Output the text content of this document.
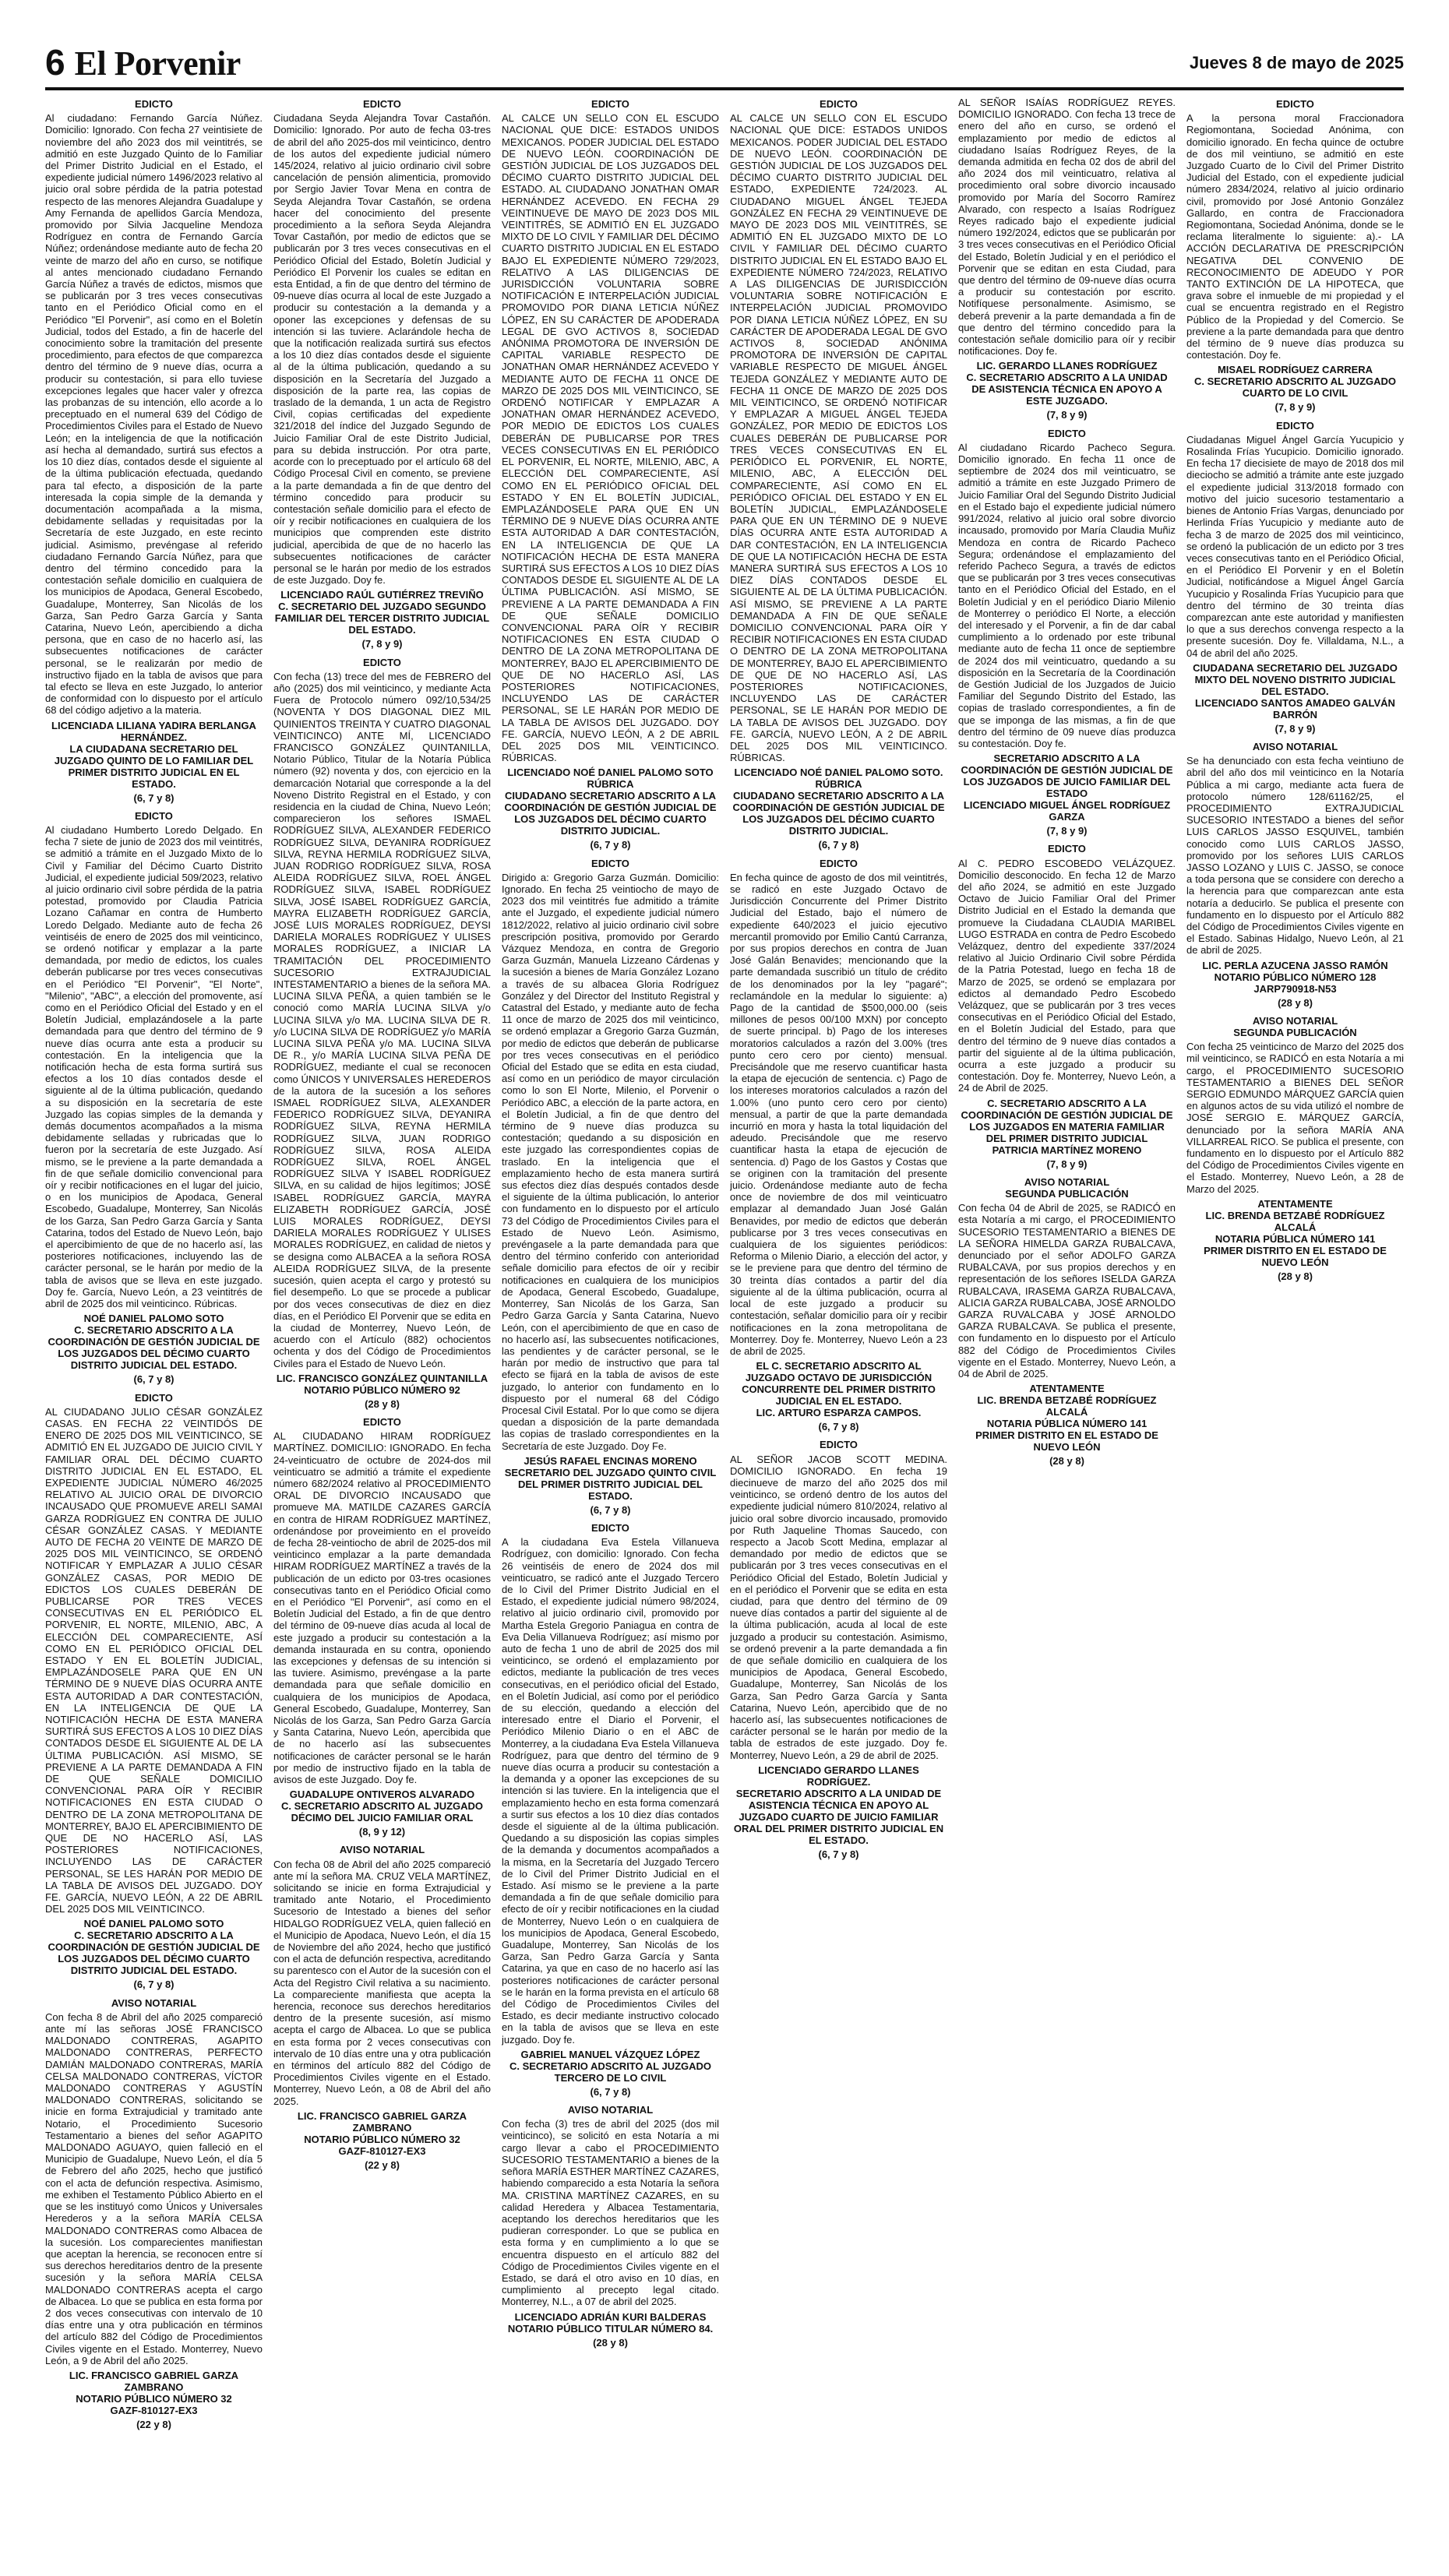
6 El Porvenir	Jueves 8 de mayo de 2025
EDICTO

Al ciudadano: Fernando García Núñez. Domicilio: Ignorado. Con fecha 27 veintisiete de noviembre del año 2023 dos mil veintitrés, se admitió en este Juzgado Quinto de lo Familiar del Primer Distrito Judicial en el Estado, el expediente judicial número 1496/2023 relativo al juicio oral sobre pérdida de la patria potestad respecto de las menores Alejandra Guadalupe y Amy Fernanda de apellidos García Mendoza, promovido por Silvia Jacqueline Mendoza Rodríguez en contra de Fernando García Núñez; ordenándose mediante auto de fecha 20 veinte de marzo del año en curso, se notifique al antes mencionado ciudadano Fernando García Núñez a través de edictos, mismos que se publicarán por 3 tres veces consecutivas tanto en el Periódico Oficial como en el Periódico "El Porvenir", así como en el Boletín Judicial, todos del Estado, a fin de hacerle del conocimiento sobre la tramitación del presente procedimiento, para efectos de que comparezca dentro del término de 9 nueve días, ocurra a producir su contestación, si para ello tuviese excepciones legales que hacer valer y ofrezca las probanzas de su intención, ello acorde a lo preceptuado en el numeral 639 del Código de Procedimientos Civiles para el Estado de Nuevo León; en la inteligencia de que la notificación así hecha al demandado, surtirá sus efectos a los 10 diez días, contados desde el siguiente al de la última publicación efectuada, quedando para tal efecto, a disposición de la parte interesada la copia simple de la demanda y documentación acompañada a la misma, debidamente selladas y requisitadas por la Secretaría de este Juzgado, en este recinto judicial. Asimismo, prevéngase al referido ciudadano Fernando García Núñez, para que dentro del término concedido para la contestación señale domicilio en cualquiera de los municipios de Apodaca, General Escobedo, Guadalupe, Monterrey, San Nicolás de los Garza, San Pedro Garza García y Santa Catarina, Nuevo León, apercibiendo a dicha persona, que en caso de no hacerlo así, las subsecuentes notificaciones de carácter personal, se le realizarán por medio de instructivo fijado en la tabla de avisos que para tal efecto se lleva en este Juzgado, lo anterior de conformidad con lo dispuesto por el artículo 68 del código adjetivo a la materia.

LICENCIADA LILIANA YADIRA BERLANGA HERNÁNDEZ.
LA CIUDADANA SECRETARIO DEL JUZGADO QUINTO DE LO FAMILIAR DEL PRIMER DISTRITO JUDICIAL EN EL ESTADO.
(6, 7 y 8)
EDICTO

Al ciudadano Humberto Loredo Delgado. En fecha 7 siete de junio de 2023 dos mil veintitrés, se admitió a trámite en el Juzgado Mixto de lo Civil y Familiar del Décimo Cuarto Distrito Judicial, el expediente judicial 509/2023, relativo al juicio ordinario civil sobre pérdida de la patria potestad, promovido por Claudia Patricia Lozano Cañamar en contra de Humberto Loredo Delgado. Mediante auto de fecha 26 veintiséis de enero de 2025 dos mil veinticinco, se ordenó notificar y emplazar a la parte demandada, por medio de edictos, los cuales deberán publicarse por tres veces consecutivas en el Periódico "El Porvenir", "El Norte", "Milenio", "ABC", a elección del promovente, así como en el Periódico Oficial del Estado y en el Boletín Judicial, emplazándosele a la parte demandada para que dentro del término de 9 nueve días ocurra ante esta a producir su contestación. En la inteligencia que la notificación hecha de esta forma surtirá sus efectos a los 10 días contados desde el siguiente al de la última publicación, quedando a su disposición en la secretaría de este Juzgado las copias simples de la demanda y demás documentos acompañados a la misma debidamente selladas y rubricadas que lo fueron por la secretaría de este Juzgado. Así mismo, se le previene a la parte demandada a fin de que señale domicilio convencional para oír y recibir notificaciones en el lugar del juicio, o en los municipios de Apodaca, General Escobedo, Guadalupe, Monterrey, San Nicolás de los Garza, San Pedro Garza García y Santa Catarina, todos del Estado de Nuevo León, bajo el apercibimiento de que de no hacerlo así, las posteriores notificaciones, incluyendo las de carácter personal, se le harán por medio de la tabla de avisos que se lleva en este juzgado. Doy fe. García, Nuevo León, a 23 veintitrés de abril de 2025 dos mil veinticinco. Rúbricas.

NOÉ DANIEL PALOMO SOTO
C. SECRETARIO ADSCRITO A LA COORDINACIÓN DE GESTIÓN JUDICIAL DE LOS JUZGADOS DEL DÉCIMO CUARTO DISTRITO JUDICIAL DEL ESTADO.
(6, 7 y 8)
EDICTO

AL CIUDADANO JULIO CÉSAR GONZÁLEZ CASAS. EN FECHA 22 VEINTIDÓS DE ENERO DE 2025 DOS MIL VEINTICINCO, SE ADMITIÓ EN EL JUZGADO DE JUICIO CIVIL Y FAMILIAR ORAL DEL DÉCIMO CUARTO DISTRITO JUDICIAL EN EL ESTADO, EL EXPEDIENTE JUDICIAL NÚMERO 46/2025 RELATIVO AL JUICIO ORAL DE DIVORCIO INCAUSADO QUE PROMUEVE ARELI SAMAI GARZA RODRÍGUEZ EN CONTRA DE JULIO CÉSAR GONZÁLEZ CASAS. Y MEDIANTE AUTO DE FECHA 20 VEINTE DE MARZO DE 2025 DOS MIL VEINTICINCO, SE ORDENÓ NOTIFICAR Y EMPLAZAR A JULIO CÉSAR GONZÁLEZ CASAS, POR MEDIO DE EDICTOS LOS CUALES DEBERÁN DE PUBLICARSE POR TRES VECES CONSECUTIVAS EN EL PERIÓDICO EL PORVENIR, EL NORTE, MILENIO, ABC, A ELECCIÓN DEL COMPARECIENTE, ASÍ COMO EN EL PERIÓDICO OFICIAL DEL ESTADO Y EN EL BOLETÍN JUDICIAL, EMPLAZÁNDOSELE PARA QUE EN UN TÉRMINO DE 9 NUEVE DÍAS OCURRA ANTE ESTA AUTORIDAD A DAR CONTESTACIÓN, EN LA INTELIGENCIA DE QUE LA NOTIFICACIÓN HECHA DE ESTA MANERA SURTIRÁ SUS EFECTOS A LOS 10 DIEZ DÍAS CONTADOS DESDE EL SIGUIENTE AL DE LA ÚLTIMA PUBLICACIÓN. ASÍ MISMO, SE PREVIENE A LA PARTE DEMANDADA A FIN DE QUE SEÑALE DOMICILIO CONVENCIONAL PARA OÍR Y RECIBIR NOTIFICACIONES EN ESTA CIUDAD O DENTRO DE LA ZONA METROPOLITANA DE MONTERREY, BAJO EL APERCIBIMIENTO DE QUE DE NO HACERLO ASÍ, LAS POSTERIORES NOTIFICACIONES, INCLUYENDO LAS DE CARÁCTER PERSONAL, SE LES HARÁN POR MEDIO DE LA TABLA DE AVISOS DEL JUZGADO. DOY FE. GARCÍA, NUEVO LEÓN, A 22 DE ABRIL DEL 2025 DOS MIL VEINTICINCO.

NOÉ DANIEL PALOMO SOTO
C. SECRETARIO ADSCRITO A LA COORDINACIÓN DE GESTIÓN JUDICIAL DE LOS JUZGADOS DEL DÉCIMO CUARTO DISTRITO JUDICIAL DEL ESTADO.
(6, 7 y 8)
AVISO NOTARIAL

Con fecha 8 de Abril del año 2025 compareció ante mí las señoras JOSÉ FRANCISCO MALDONADO CONTRERAS, AGAPITO MALDONADO CONTRERAS, PERFECTO DAMIÁN MALDONADO CONTRERAS, MARÍA CELSA MALDONADO CONTRERAS, VÍCTOR MALDONADO CONTRERAS Y AGUSTÍN MALDONADO CONTRERAS, solicitando se inicie en forma Extrajudicial y tramitado ante Notario, el Procedimiento Sucesorio Testamentario a bienes del señor AGAPITO MALDONADO AGUAYO, quien falleció en el Municipio de Guadalupe, Nuevo León, el día 5 de Febrero del año 2025, hecho que justificó con el acta de defunción respectiva. Asimismo, me exhiben el Testamento Público Abierto en el que se les instituyó como Únicos y Universales Herederos y a la señora MARÍA CELSA MALDONADO CONTRERAS como Albacea de la sucesión. Los comparecientes manifiestan que aceptan la herencia, se reconocen entre sí sus derechos hereditarios dentro de la presente sucesión y la señora MARÍA CELSA MALDONADO CONTRERAS acepta el cargo de Albacea. Lo que se publica en esta forma por 2 dos veces consecutivas con intervalo de 10 días entre una y otra publicación en términos del artículo 882 del Código de Procedimientos Civiles vigente en el Estado. Monterrey, Nuevo León, a 9 de Abril del año 2025.

LIC. FRANCISCO GABRIEL GARZA ZAMBRANO
NOTARIO PÚBLICO NÚMERO 32
GAZF-810127-EX3
(22 y 8)
EDICTO

Ciudadana Seyda Alejandra Tovar Castañón. Domicilio: Ignorado. Por auto de fecha 03-tres de abril del año 2025-dos mil veinticinco, dentro de los autos del expediente judicial número 145/2024, relativo al juicio ordinario civil sobre cancelación de pensión alimenticia, promovido por Sergio Javier Tovar Mena en contra de Seyda Alejandra Tovar Castañón, se ordena hacer del conocimiento del presente procedimiento a la señora Seyda Alejandra Tovar Castañón, por medio de edictos que se publicarán por 3 tres veces consecutivas en el Periódico Oficial del Estado, Boletín Judicial y Periódico El Porvenir los cuales se editan en esta Entidad, a fin de que dentro del término de 09-nueve días ocurra al local de este Juzgado a producir su contestación a la demanda y a oponer las excepciones y defensas de su intención si las tuviere. Aclarándole hecha de que la notificación realizada surtirá sus efectos a los 10 diez días contados desde el siguiente al de la última publicación, quedando a su disposición en la Secretaría del Juzgado a disposición de la parte rea, las copias de traslado de la demanda, 1 un acta de Registro Civil, copias certificadas del expediente 321/2018 del índice del Juzgado Segundo de Juicio Familiar Oral de este Distrito Judicial, para su debida instrucción. Por otra parte, acorde con lo preceptuado por el artículo 68 del Código Procesal Civil en comento, se previene a la parte demandada a fin de que dentro del término concedido para producir su contestación señale domicilio para el efecto de oír y recibir notificaciones en cualquiera de los municipios que comprenden este distrito judicial, apercibida de que de no hacerlo las subsecuentes notificaciones de carácter personal se le harán por medio de los estrados de este Juzgado. Doy fe.

LICENCIADO RAÚL GUTIÉRREZ TREVIÑO
C. SECRETARIO DEL JUZGADO SEGUNDO FAMILIAR DEL TERCER DISTRITO JUDICIAL DEL ESTADO.
(7, 8 y 9)
EDICTO

Con fecha (13) trece del mes de FEBRERO del año (2025) dos mil veinticinco, y mediante Acta Fuera de Protocolo número 092/10,534/25 (NOVENTA Y DOS DIAGONAL DIEZ MIL QUINIENTOS TREINTA Y CUATRO DIAGONAL VEINTICINCO) ANTE MÍ, LICENCIADO FRANCISCO GONZÁLEZ QUINTANILLA, Notario Público, Titular de la Notaría Pública número (92) noventa y dos, con ejercicio en la demarcación Notarial que corresponde a la del Noveno Distrito Registral en el Estado, y con residencia en la ciudad de China, Nuevo León; comparecieron los señores ISMAEL RODRÍGUEZ SILVA, ALEXANDER FEDERICO RODRÍGUEZ SILVA, DEYANIRA RODRÍGUEZ SILVA, REYNA HERMILA RODRÍGUEZ SILVA, JUAN RODRIGO RODRÍGUEZ SILVA, ROSA ALEIDA RODRÍGUEZ SILVA, ROEL ÁNGEL RODRÍGUEZ SILVA, ISABEL RODRÍGUEZ SILVA, JOSÉ ISABEL RODRÍGUEZ GARCÍA, MAYRA ELIZABETH RODRÍGUEZ GARCÍA, JOSÉ LUIS MORALES RODRÍGUEZ, DEYSI DARIELA MORALES RODRÍGUEZ Y ULISES MORALES RODRÍGUEZ, a INICIAR LA TRAMITACIÓN DEL PROCEDIMIENTO SUCESORIO EXTRAJUDICIAL INTESTAMENTARIO a bienes de la señora MA. LUCINA SILVA PEÑA, a quien también se le conoció como MARÍA LUCINA SILVA y/o LUCINA SILVA y/o MA. LUCINA SILVA DE R. y/o LUCINA SILVA DE RODRÍGUEZ y/o MARÍA LUCINA SILVA PEÑA y/o MA. LUCINA SILVA DE R., y/o MARÍA LUCINA SILVA PEÑA DE RODRÍGUEZ, mediante el cual se reconocen como ÚNICOS Y UNIVERSALES HEREDEROS de la autora de la sucesión a los señores ISMAEL RODRÍGUEZ SILVA, ALEXANDER FEDERICO RODRÍGUEZ SILVA, DEYANIRA RODRÍGUEZ SILVA, REYNA HERMILA RODRÍGUEZ SILVA, JUAN RODRIGO RODRÍGUEZ SILVA, ROSA ALEIDA RODRÍGUEZ SILVA, ROEL ÁNGEL RODRÍGUEZ SILVA Y ISABEL RODRÍGUEZ SILVA, en su calidad de hijos legítimos; JOSÉ ISABEL RODRÍGUEZ GARCÍA, MAYRA ELIZABETH RODRÍGUEZ GARCÍA, JOSÉ LUIS MORALES RODRÍGUEZ, DEYSI DARIELA MORALES RODRÍGUEZ Y ULISES MORALES RODRÍGUEZ, en calidad de nietos y se designa como ALBACEA a la señora ROSA ALEIDA RODRÍGUEZ SILVA, de la presente sucesión, quien acepta el cargo y protestó su fiel desempeño. Lo que se procede a publicar por dos veces consecutivas de diez en diez días, en el Periódico El Porvenir que se edita en la ciudad de Monterrey, Nuevo León, de acuerdo con el Artículo (882) ochocientos ochenta y dos del Código de Procedimientos Civiles para el Estado de Nuevo León.

LIC. FRANCISCO GONZÁLEZ QUINTANILLA
NOTARIO PÚBLICO NÚMERO 92
(28 y 8)
EDICTO

AL CIUDADANO HIRAM RODRÍGUEZ MARTÍNEZ. DOMICILIO: IGNORADO. En fecha 24-veinticuatro de octubre de 2024-dos mil veinticuatro se admitió a trámite el expediente número 682/2024 relativo al PROCEDIMIENTO ORAL DE DIVORCIO INCAUSADO que promueve MA. MATILDE CAZARES GARCÍA en contra de HIRAM RODRÍGUEZ MARTÍNEZ, ordenándose por proveimiento en el proveído de fecha 28-veintiocho de abril de 2025-dos mil veinticinco emplazar a la parte demandada HIRAM RODRÍGUEZ MARTÍNEZ a través de la publicación de un edicto por 03-tres ocasiones consecutivas tanto en el Periódico Oficial como en el Periódico "El Porvenir", así como en el Boletín Judicial del Estado, a fin de que dentro del término de 09-nueve días acuda al local de este juzgado a producir su contestación a la demanda instaurada en su contra, oponiendo las excepciones y defensas de su intención si las tuviere. Asimismo, prevéngase a la parte demandada para que señale domicilio en cualquiera de los municipios de Apodaca, General Escobedo, Guadalupe, Monterrey, San Nicolás de los Garza, San Pedro Garza García y Santa Catarina, Nuevo León, apercibida que de no hacerlo así las subsecuentes notificaciones de carácter personal se le harán por medio de instructivo fijado en la tabla de avisos de este Juzgado. Doy fe.

GUADALUPE ONTIVEROS ALVARADO
C. SECRETARIO ADSCRITO AL JUZGADO DÉCIMO DEL JUICIO FAMILIAR ORAL
(8, 9 y 12)
AVISO NOTARIAL

Con fecha 08 de Abril del año 2025 compareció ante mí la señora MA. CRUZ VELA MARTÍNEZ, solicitando se inicie en forma Extrajudicial y tramitado ante Notario, el Procedimiento Sucesorio de Intestado a bienes del señor HIDALGO RODRÍGUEZ VELA, quien falleció en el Municipio de Apodaca, Nuevo León, el día 15 de Noviembre del año 2024, hecho que justificó con el acta de defunción respectiva, acreditando su parentesco con el Autor de la sucesión con el Acta del Registro Civil relativa a su nacimiento. La compareciente manifiesta que acepta la herencia, reconoce sus derechos hereditarios dentro de la presente sucesión, así mismo acepta el cargo de Albacea. Lo que se publica en esta forma por 2 veces consecutivas con intervalo de 10 días entre una y otra publicación en términos del artículo 882 del Código de Procedimientos Civiles vigente en el Estado. Monterrey, Nuevo León, a 08 de Abril del año 2025.

LIC. FRANCISCO GABRIEL GARZA ZAMBRANO
NOTARIO PÚBLICO NÚMERO 32
GAZF-810127-EX3
(22 y 8)
EDICTO

AL CALCE UN SELLO CON EL ESCUDO NACIONAL QUE DICE: ESTADOS UNIDOS MEXICANOS. PODER JUDICIAL DEL ESTADO DE NUEVO LEÓN. COORDINACIÓN DE GESTIÓN JUDICIAL DE LOS JUZGADOS DEL DÉCIMO CUARTO DISTRITO JUDICIAL DEL ESTADO. AL CIUDADANO JONATHAN OMAR HERNÁNDEZ ACEVEDO. EN FECHA 29 VEINTINUEVE DE MAYO DE 2023 DOS MIL VEINTITRÉS, SE ADMITIÓ EN EL JUZGADO MIXTO DE LO CIVIL Y FAMILIAR DEL DÉCIMO CUARTO DISTRITO JUDICIAL EN EL ESTADO BAJO EL EXPEDIENTE NÚMERO 729/2023, RELATIVO A LAS DILIGENCIAS DE JURISDICCIÓN VOLUNTARIA SOBRE NOTIFICACIÓN E INTERPELACIÓN JUDICIAL PROMOVIDO POR DIANA LETICIA NÚÑEZ LÓPEZ, EN SU CARÁCTER DE APODERADA LEGAL DE GVO ACTIVOS 8, SOCIEDAD ANÓNIMA PROMOTORA DE INVERSIÓN DE CAPITAL VARIABLE RESPECTO DE JONATHAN OMAR HERNÁNDEZ ACEVEDO Y MEDIANTE AUTO DE FECHA 11 ONCE DE MARZO DE 2025 DOS MIL VEINTICINCO, SE ORDENÓ NOTIFICAR Y EMPLAZAR A JONATHAN OMAR HERNÁNDEZ ACEVEDO, POR MEDIO DE EDICTOS LOS CUALES DEBERÁN DE PUBLICARSE POR TRES VECES CONSECUTIVAS EN EL PERIÓDICO EL PORVENIR, EL NORTE, MILENIO, ABC, A ELECCIÓN DEL COMPARECIENTE, ASÍ COMO EN EL PERIÓDICO OFICIAL DEL ESTADO Y EN EL BOLETÍN JUDICIAL, EMPLAZÁNDOSELE PARA QUE EN UN TÉRMINO DE 9 NUEVE DÍAS OCURRA ANTE ESTA AUTORIDAD A DAR CONTESTACIÓN, EN LA INTELIGENCIA DE QUE LA NOTIFICACIÓN HECHA DE ESTA MANERA SURTIRÁ SUS EFECTOS A LOS 10 DIEZ DÍAS CONTADOS DESDE EL SIGUIENTE AL DE LA ÚLTIMA PUBLICACIÓN. ASÍ MISMO, SE PREVIENE A LA PARTE DEMANDADA A FIN DE QUE SEÑALE DOMICILIO CONVENCIONAL PARA OÍR Y RECIBIR NOTIFICACIONES EN ESTA CIUDAD O DENTRO DE LA ZONA METROPOLITANA DE MONTERREY, BAJO EL APERCIBIMIENTO DE QUE DE NO HACERLO ASÍ, LAS POSTERIORES NOTIFICACIONES, INCLUYENDO LAS DE CARÁCTER PERSONAL, SE LE HARÁN POR MEDIO DE LA TABLA DE AVISOS DEL JUZGADO. DOY FE. GARCÍA, NUEVO LEÓN, A 2 DE ABRIL DEL 2025 DOS MIL VEINTICINCO. RÚBRICAS.

LICENCIADO NOÉ DANIEL PALOMO SOTO
RÚBRICA
CIUDADANO SECRETARIO ADSCRITO A LA COORDINACIÓN DE GESTIÓN JUDICIAL DE LOS JUZGADOS DEL DÉCIMO CUARTO DISTRITO JUDICIAL.
(6, 7 y 8)
EDICTO

Dirigido a: Gregorio Garza Guzmán. Domicilio: Ignorado. En fecha 25 veintiocho de mayo de 2023 dos mil veintitrés fue admitido a trámite ante el Juzgado, el expediente judicial número 1812/2022, relativo al juicio ordinario civil sobre prescripción positiva, promovido por Gerardo Vázquez Mendoza, en contra de Gregorio Garza Guzmán, Manuela Lizzeano Cárdenas y la sucesión a bienes de María González Lozano a través de su albacea Gloria Rodríguez González y del Director del Instituto Registral y Catastral del Estado, y mediante auto de fecha 11 once de marzo de 2025 dos mil veinticinco, se ordenó emplazar a Gregorio Garza Guzmán, por medio de edictos que deberán de publicarse por tres veces consecutivas en el periódico Oficial del Estado que se edita en esta ciudad, así como en un periódico de mayor circulación como lo son El Norte, Milenio, el Porvenir o Periódico ABC, a elección de la parte actora, en el Boletín Judicial, a fin de que dentro del término de 9 nueve días produzca su contestación; quedando a su disposición en este juzgado las correspondientes copias de traslado. En la inteligencia que el emplazamiento hecho de esta manera surtirá sus efectos diez días después contados desde el siguiente de la última publicación, lo anterior con fundamento en lo dispuesto por el artículo 73 del Código de Procedimientos Civiles para el Estado de Nuevo León. Asimismo, prevéngasele a la parte demandada para que dentro del término conferido con anterioridad señale domicilio para efectos de oír y recibir notificaciones en cualquiera de los municipios de Apodaca, General Escobedo, Guadalupe, Monterrey, San Nicolás de los Garza, San Pedro Garza García y Santa Catarina, Nuevo León, con el apercibimiento de que en caso de no hacerlo así, las subsecuentes notificaciones, las pendientes y de carácter personal, se le harán por medio de instructivo que para tal efecto se fijará en la tabla de avisos de este juzgado, lo anterior con fundamento en lo dispuesto por el numeral 68 del Código Procesal Civil Estatal. Por lo que como se dijera quedan a disposición de la parte demandada las copias de traslado correspondientes en la Secretaría de este Juzgado. Doy Fe.

JESÚS RAFAEL ENCINAS MORENO
SECRETARIO DEL JUZGADO QUINTO CIVIL DEL PRIMER DISTRITO JUDICIAL DEL ESTADO.
(6, 7 y 8)
EDICTO

A la ciudadana Eva Estela Villanueva Rodríguez, con domicilio: Ignorado. Con fecha 26 veintiséis de enero de 2024 dos mil veinticuatro, se radicó ante el Juzgado Tercero de lo Civil del Primer Distrito Judicial en el Estado, el expediente judicial número 98/2024, relativo al juicio ordinario civil, promovido por Martha Estela Gregorio Paniagua en contra de Eva Delia Villanueva Rodríguez; así mismo por auto de fecha 1 uno de abril de 2025 dos mil veinticinco, se ordenó el emplazamiento por edictos, mediante la publicación de tres veces consecutivas, en el periódico oficial del Estado, en el Boletín Judicial, así como por el periódico de su elección, quedando a elección del interesado entre el Diario el Porvenir, el Periódico Milenio Diario o en el ABC de Monterrey, a la ciudadana Eva Estela Villanueva Rodríguez, para que dentro del término de 9 nueve días ocurra a producir su contestación a la demanda y a oponer las excepciones de su intención si las tuviere. En la inteligencia que el emplazamiento hecho en esta forma comenzará a surtir sus efectos a los 10 diez días contados desde el siguiente al de la última publicación. Quedando a su disposición las copias simples de la demanda y documentos acompañados a la misma, en la Secretaría del Juzgado Tercero de lo Civil del Primer Distrito Judicial en el Estado. Así mismo se le previene a la parte demandada a fin de que señale domicilio para efecto de oír y recibir notificaciones en la ciudad de Monterrey, Nuevo León o en cualquiera de los municipios de Apodaca, General Escobedo, Guadalupe, Monterrey, San Nicolás de los Garza, San Pedro Garza García y Santa Catarina, ya que en caso de no hacerlo así las posteriores notificaciones de carácter personal se le harán en la forma prevista en el artículo 68 del Código de Procedimientos Civiles del Estado, es decir mediante instructivo colocado en la tabla de avisos que se lleva en este juzgado. Doy fe.

GABRIEL MANUEL VÁZQUEZ LÓPEZ
C. SECRETARIO ADSCRITO AL JUZGADO TERCERO DE LO CIVIL
(6, 7 y 8)
AVISO NOTARIAL

Con fecha (3) tres de abril del 2025 (dos mil veinticinco), se solicitó en esta Notaría a mi cargo llevar a cabo el PROCEDIMIENTO SUCESORIO TESTAMENTARIO a bienes de la señora MARÍA ESTHER MARTÍNEZ CAZARES, habiendo comparecido a esta Notaría la señora MA. CRISTINA MARTÍNEZ CAZARES, en su calidad Heredera y Albacea Testamentaria, aceptando los derechos hereditarios que les pudieran corresponder. Lo que se publica en esta forma y en cumplimiento a lo que se encuentra dispuesto en el artículo 882 del Código de Procedimientos Civiles vigente en el Estado, se dará el otro aviso en 10 días, en cumplimiento al precepto legal citado. Monterrey, N.L., a 07 de abril del 2025.

LICENCIADO ADRIÁN KURI BALDERAS
NOTARIO PÚBLICO TITULAR NÚMERO 84.
(28 y 8)
EDICTO

AL CALCE UN SELLO CON EL ESCUDO NACIONAL QUE DICE: ESTADOS UNIDOS MEXICANOS. PODER JUDICIAL DEL ESTADO DE NUEVO LEÓN. COORDINACIÓN DE GESTIÓN JUDICIAL DE LOS JUZGADOS DEL DÉCIMO CUARTO DISTRITO JUDICIAL DEL ESTADO, EXPEDIENTE 724/2023. AL CIUDADANO MIGUEL ÁNGEL TEJEDA GONZÁLEZ EN FECHA 29 VEINTINUEVE DE MAYO DE 2023 DOS MIL VEINTITRÉS, SE ADMITIÓ EN EL JUZGADO MIXTO DE LO CIVIL Y FAMILIAR DEL DÉCIMO CUARTO DISTRITO JUDICIAL EN EL ESTADO BAJO EL EXPEDIENTE NÚMERO 724/2023, RELATIVO A LAS DILIGENCIAS DE JURISDICCIÓN VOLUNTARIA SOBRE NOTIFICACIÓN E INTERPELACIÓN JUDICIAL PROMOVIDO POR DIANA LETICIA NÚÑEZ LÓPEZ, EN SU CARÁCTER DE APODERADA LEGAL DE GVO ACTIVOS 8, SOCIEDAD ANÓNIMA PROMOTORA DE INVERSIÓN DE CAPITAL VARIABLE RESPECTO DE MIGUEL ÁNGEL TEJEDA GONZÁLEZ Y MEDIANTE AUTO DE FECHA 11 ONCE DE MARZO DE 2025 DOS MIL VEINTICINCO, SE ORDENÓ NOTIFICAR Y EMPLAZAR A MIGUEL ÁNGEL TEJEDA GONZÁLEZ, POR MEDIO DE EDICTOS LOS CUALES DEBERÁN DE PUBLICARSE POR TRES VECES CONSECUTIVAS EN EL PERIÓDICO EL PORVENIR, EL NORTE, MILENIO, ABC, A ELECCIÓN DEL COMPARECIENTE, ASÍ COMO EN EL PERIÓDICO OFICIAL DEL ESTADO Y EN EL BOLETÍN JUDICIAL, EMPLAZÁNDOSELE PARA QUE EN UN TÉRMINO DE 9 NUEVE DÍAS OCURRA ANTE ESTA AUTORIDAD A DAR CONTESTACIÓN, EN LA INTELIGENCIA DE QUE LA NOTIFICACIÓN HECHA DE ESTA MANERA SURTIRÁ SUS EFECTOS A LOS 10 DIEZ DÍAS CONTADOS DESDE EL SIGUIENTE AL DE LA ÚLTIMA PUBLICACIÓN. ASÍ MISMO, SE PREVIENE A LA PARTE DEMANDADA A FIN DE QUE SEÑALE DOMICILIO CONVENCIONAL PARA OÍR Y RECIBIR NOTIFICACIONES EN ESTA CIUDAD O DENTRO DE LA ZONA METROPOLITANA DE MONTERREY, BAJO EL APERCIBIMIENTO DE QUE DE NO HACERLO ASÍ, LAS POSTERIORES NOTIFICACIONES, INCLUYENDO LAS DE CARÁCTER PERSONAL, SE LE HARÁN POR MEDIO DE LA TABLA DE AVISOS DEL JUZGADO. DOY FE. GARCÍA, NUEVO LEÓN, A 2 DE ABRIL DEL 2025 DOS MIL VEINTICINCO. RÚBRICAS.

LICENCIADO NOÉ DANIEL PALOMO SOTO.
RÚBRICA
CIUDADANO SECRETARIO ADSCRITO A LA COORDINACIÓN DE GESTIÓN JUDICIAL DE LOS JUZGADOS DEL DÉCIMO CUARTO DISTRITO JUDICIAL.
(6, 7 y 8)
EDICTO

En fecha quince de agosto de dos mil veintitrés, se radicó en este Juzgado Octavo de Jurisdicción Concurrente del Primer Distrito Judicial del Estado, bajo el número de expediente 640/2023 el juicio ejecutivo mercantil promovido por Emilio Cantú Carranza, por sus propios derechos en contra de Juan José Galán Benavides; mencionando que la parte demandada suscribió un título de crédito de los denominados por la ley "pagaré"; reclamándole en la medular lo siguiente: a) Pago de la cantidad de $500,000.00 (seis millones de pesos 00/100 MXN) por concepto de suerte principal. b) Pago de los intereses moratorios calculados a razón del 3.00% (tres punto cero cero por ciento) mensual. Precisándole que me reservo cuantificar hasta la etapa de ejecución de sentencia. c) Pago de los intereses moratorios calculados a razón del 1.00% (uno punto cero cero por ciento) mensual, a partir de que la parte demandada incurrió en mora y hasta la total liquidación del adeudo. Precisándole que me reservo cuantificar hasta la etapa de ejecución de sentencia. d) Pago de los Gastos y Costas que se originen con la tramitación del presente juicio. Ordenándose mediante auto de fecha once de noviembre de dos mil veinticuatro emplazar al demandado Juan José Galán Benavides, por medio de edictos que deberán publicarse por 3 tres veces consecutivas en cualquiera de los siguientes periódicos: Reforma o Milenio Diario, a elección del actor, y se le previene para que dentro del término de 30 treinta días contados a partir del día siguiente al de la última publicación, ocurra al local de este juzgado a producir su contestación, señalar domicilio para oír y recibir notificaciones en la zona metropolitana de Monterrey. Doy fe. Monterrey, Nuevo León a 23 de abril de 2025.

EL C. SECRETARIO ADSCRITO AL JUZGADO OCTAVO DE JURISDICCIÓN CONCURRENTE DEL PRIMER DISTRITO JUDICIAL EN EL ESTADO.
LIC. ARTURO ESPARZA CAMPOS.
(6, 7 y 8)
EDICTO

AL SEÑOR JACOB SCOTT MEDINA. DOMICILIO IGNORADO. En fecha 19 diecinueve de marzo del año 2025 dos mil veinticinco, se ordenó dentro de los autos del expediente judicial número 810/2024, relativo al juicio oral sobre divorcio incausado, promovido por Ruth Jaqueline Thomas Saucedo, con respecto a Jacob Scott Medina, emplazar al demandado por medio de edictos que se publicarán por 3 tres veces consecutivas en el Periódico Oficial del Estado, Boletín Judicial y en el periódico el Porvenir que se edita en esta ciudad, para que dentro del término de 09 nueve días contados a partir del siguiente al de la última publicación, acuda al local de este juzgado a producir su contestación. Asimismo, se ordenó prevenir a la parte demandada a fin de que señale domicilio en cualquiera de los municipios de Apodaca, General Escobedo, Guadalupe, Monterrey, San Nicolás de los Garza, San Pedro Garza García y Santa Catarina, Nuevo León, apercibido que de no hacerlo así, las subsecuentes notificaciones de carácter personal se le harán por medio de la tabla de estrados de este juzgado. Doy fe. Monterrey, Nuevo León, a 29 de abril de 2025.

LICENCIADO GERARDO LLANES RODRÍGUEZ.
SECRETARIO ADSCRITO A LA UNIDAD DE ASISTENCIA TÉCNICA EN APOYO AL JUZGADO CUARTO DE JUICIO FAMILIAR ORAL DEL PRIMER DISTRITO JUDICIAL EN EL ESTADO.
(6, 7 y 8)

AL SEÑOR ISAÍAS RODRÍGUEZ REYES. DOMICILIO IGNORADO. Con fecha 13 trece de enero del año en curso, se ordenó el emplazamiento por medio de edictos al ciudadano Isaías Rodríguez Reyes, de la demanda admitida en fecha 02 dos de abril del año 2024 dos mil veinticuatro, relativa al procedimiento oral sobre divorcio incausado promovido por María del Socorro Ramírez Alvarado, con respecto a Isaías Rodríguez Reyes radicado bajo el expediente judicial número 192/2024, edictos que se publicarán por 3 tres veces consecutivas en el Periódico Oficial del Estado, Boletín Judicial y en el periódico el Porvenir que se editan en esta Ciudad, para que dentro del término de 09-nueve días ocurra a producir su contestación por escrito. Notifíquese personalmente. Asimismo, se deberá prevenir a la parte demandada a fin de que dentro del término concedido para la contestación señale domicilio para oír y recibir notificaciones. Doy fe.

LIC. GERARDO LLANES RODRÍGUEZ
C. SECRETARIO ADSCRITO A LA UNIDAD DE ASISTENCIA TÉCNICA EN APOYO A ESTE JUZGADO.
(7, 8 y 9)
EDICTO

Al ciudadano Ricardo Pacheco Segura. Domicilio ignorado. En fecha 11 once de septiembre de 2024 dos mil veinticuatro, se admitió a trámite en este Juzgado Primero de Juicio Familiar Oral del Segundo Distrito Judicial en el Estado bajo el expediente judicial número 991/2024, relativo al juicio oral sobre divorcio incausado, promovido por María Claudia Muñiz Mendoza en contra de Ricardo Pacheco Segura; ordenándose el emplazamiento del referido Pacheco Segura, a través de edictos que se publicarán por 3 tres veces consecutivas tanto en el Periódico Oficial del Estado, en el Boletín Judicial y en el periódico Diario Milenio de Monterrey o periódico El Norte, a elección del interesado y el Porvenir, a fin de dar cabal cumplimiento a lo ordenado por este tribunal mediante auto de fecha 11 once de septiembre de 2024 dos mil veinticuatro, quedando a su disposición en la Secretaría de la Coordinación de Gestión Judicial de los Juzgados de Juicio Familiar del Segundo Distrito del Estado, las copias de traslado correspondientes, a fin de que se imponga de las mismas, a fin de que dentro del término de 09 nueve días produzca su contestación. Doy fe.

SECRETARIO ADSCRITO A LA COORDINACIÓN DE GESTIÓN JUDICIAL DE LOS JUZGADOS DE JUICIO FAMILIAR DEL ESTADO
LICENCIADO MIGUEL ÁNGEL RODRÍGUEZ GARZA
(7, 8 y 9)
EDICTO

Al C. PEDRO ESCOBEDO VELÁZQUEZ. Domicilio desconocido. En fecha 12 de Marzo del año 2024, se admitió en este Juzgado Octavo de Juicio Familiar Oral del Primer Distrito Judicial en el Estado la demanda que promueve la Ciudadana CLAUDIA MARIBEL LUGO ESTRADA en contra de Pedro Escobedo Velázquez, dentro del expediente 337/2024 relativo al Juicio Ordinario Civil sobre Pérdida de la Patria Potestad, luego en fecha 18 de Marzo de 2025, se ordenó se emplazara por edictos al demandado Pedro Escobedo Velázquez, que se publicarán por 3 tres veces consecutivas en el Periódico Oficial del Estado, en el Boletín Judicial del Estado, para que dentro del término de 9 nueve días contados a partir del siguiente al de la última publicación, ocurra a este juzgado a producir su contestación. Doy fe. Monterrey, Nuevo León, a 24 de Abril de 2025.

C. SECRETARIO ADSCRITO A LA COORDINACIÓN DE GESTIÓN JUDICIAL DE LOS JUZGADOS EN MATERIA FAMILIAR DEL PRIMER DISTRITO JUDICIAL
PATRICIA MARTÍNEZ MORENO
(7, 8 y 9)
AVISO NOTARIAL
SEGUNDA PUBLICACIÓN

Con fecha 04 de Abril de 2025, se RADICÓ en esta Notaría a mi cargo, el PROCEDIMIENTO SUCESORIO TESTAMENTARIO a BIENES DE LA SEÑORA HIMELDA GARZA RUBALCAVA, denunciado por el señor ADOLFO GARZA RUBALCAVA, por sus propios derechos y en representación de los señores ISELDA GARZA RUBALCAVA, IRASEMA GARZA RUBALCAVA, ALICIA GARZA RUBALCABA, JOSÉ ARNOLDO GARZA RUVALCABA y JOSÉ ARNOLDO GARZA RUBALCAVA. Se publica el presente, con fundamento en lo dispuesto por el Artículo 882 del Código de Procedimientos Civiles vigente en el Estado. Monterrey, Nuevo León, a 04 de Abril de 2025.

ATENTAMENTE
LIC. BRENDA BETZABÉ RODRÍGUEZ ALCALÁ
NOTARIA PÚBLICA NÚMERO 141
PRIMER DISTRITO EN EL ESTADO DE NUEVO LEÓN
(28 y 8)
EDICTO

A la persona moral Fraccionadora Regiomontana, Sociedad Anónima, con domicilio ignorado. En fecha quince de octubre de dos mil veintiuno, se admitió en este Juzgado Cuarto de lo Civil del Primer Distrito Judicial del Estado, con el expediente judicial número 2834/2024, relativo al juicio ordinario civil, promovido por José Antonio González Gallardo, en contra de Fraccionadora Regiomontana, Sociedad Anónima, donde se le reclama literalmente lo siguiente: a).- LA ACCIÓN DECLARATIVA DE PRESCRIPCIÓN NEGATIVA DEL CONVENIO DE RECONOCIMIENTO DE ADEUDO Y POR TANTO EXTINCIÓN DE LA HIPOTECA, que grava sobre el inmueble de mi propiedad y el cual se encuentra registrado en el Registro Público de la Propiedad y del Comercio. Se previene a la parte demandada para que dentro del término de 9 nueve días produzca su contestación. Doy fe.

MISAEL RODRÍGUEZ CARRERA
C. SECRETARIO ADSCRITO AL JUZGADO CUARTO DE LO CIVIL
(7, 8 y 9)
EDICTO

Ciudadanas Miguel Ángel García Yucupicio y Rosalinda Frías Yucupicio. Domicilio ignorado. En fecha 17 diecisiete de mayo de 2018 dos mil dieciocho se admitió a trámite ante este juzgado el expediente judicial 313/2018 formado con motivo del juicio sucesorio testamentario a bienes de Antonio Frías Vargas, denunciado por Herlinda Frías Yucupicio y mediante auto de fecha 3 de marzo de 2025 dos mil veinticinco, se ordenó la publicación de un edicto por 3 tres veces consecutivas tanto en el Periódico Oficial, en el Periódico El Porvenir y en el Boletín Judicial, notificándose a Miguel Ángel García Yucupicio y Rosalinda Frías Yucupicio para que dentro del término de 30 treinta días comparezcan ante este autoridad y manifiesten lo que a sus derechos convenga respecto a la presente sucesión. Doy fe. Villaldama, N.L., a 04 de abril del año 2025.

CIUDADANA SECRETARIO DEL JUZGADO MIXTO DEL NOVENO DISTRITO JUDICIAL DEL ESTADO.
LICENCIADO SANTOS AMADEO GALVÁN BARRÓN
(7, 8 y 9)
AVISO NOTARIAL

Se ha denunciado con esta fecha veintiuno de abril del año dos mil veinticinco en la Notaría Pública a mi cargo, mediante acta fuera de protocolo número 128/61162/25, el PROCEDIMIENTO EXTRAJUDICIAL SUCESORIO INTESTADO a bienes del señor LUIS CARLOS JASSO ESQUIVEL, también conocido como LUIS CARLOS JASSO, promovido por los señores LUIS CARLOS JASSO LOZANO y LUIS C. JASSO, se conoce a toda persona que se considere con derecho a la herencia para que comparezcan ante esta notaría a deducirlo. Se publica el presente con fundamento en lo dispuesto por el Artículo 882 del Código de Procedimientos Civiles vigente en el Estado. Sabinas Hidalgo, Nuevo León, al 21 de abril de 2025.

LIC. PERLA AZUCENA JASSO RAMÓN
NOTARIO PÚBLICO NÚMERO 128
JARP790918-N53
(28 y 8)
AVISO NOTARIAL
SEGUNDA PUBLICACIÓN

Con fecha 25 veinticinco de Marzo del 2025 dos mil veinticinco, se RADICÓ en esta Notaría a mi cargo, el PROCEDIMIENTO SUCESORIO TESTAMENTARIO a BIENES DEL SEÑOR SERGIO EDMUNDO MÁRQUEZ GARCÍA quien en algunos actos de su vida utilizó el nombre de JOSÉ SERGIO E. MÁRQUEZ GARCÍA, denunciado por la señora MARÍA ANA VILLARREAL RICO. Se publica el presente, con fundamento en lo dispuesto por el Artículo 882 del Código de Procedimientos Civiles vigente en el Estado. Monterrey, Nuevo León, a 28 de Marzo del 2025.

ATENTAMENTE
LIC. BRENDA BETZABÉ RODRÍGUEZ ALCALÁ
NOTARIA PÚBLICA NÚMERO 141
PRIMER DISTRITO EN EL ESTADO DE NUEVO LEÓN
(28 y 8)
